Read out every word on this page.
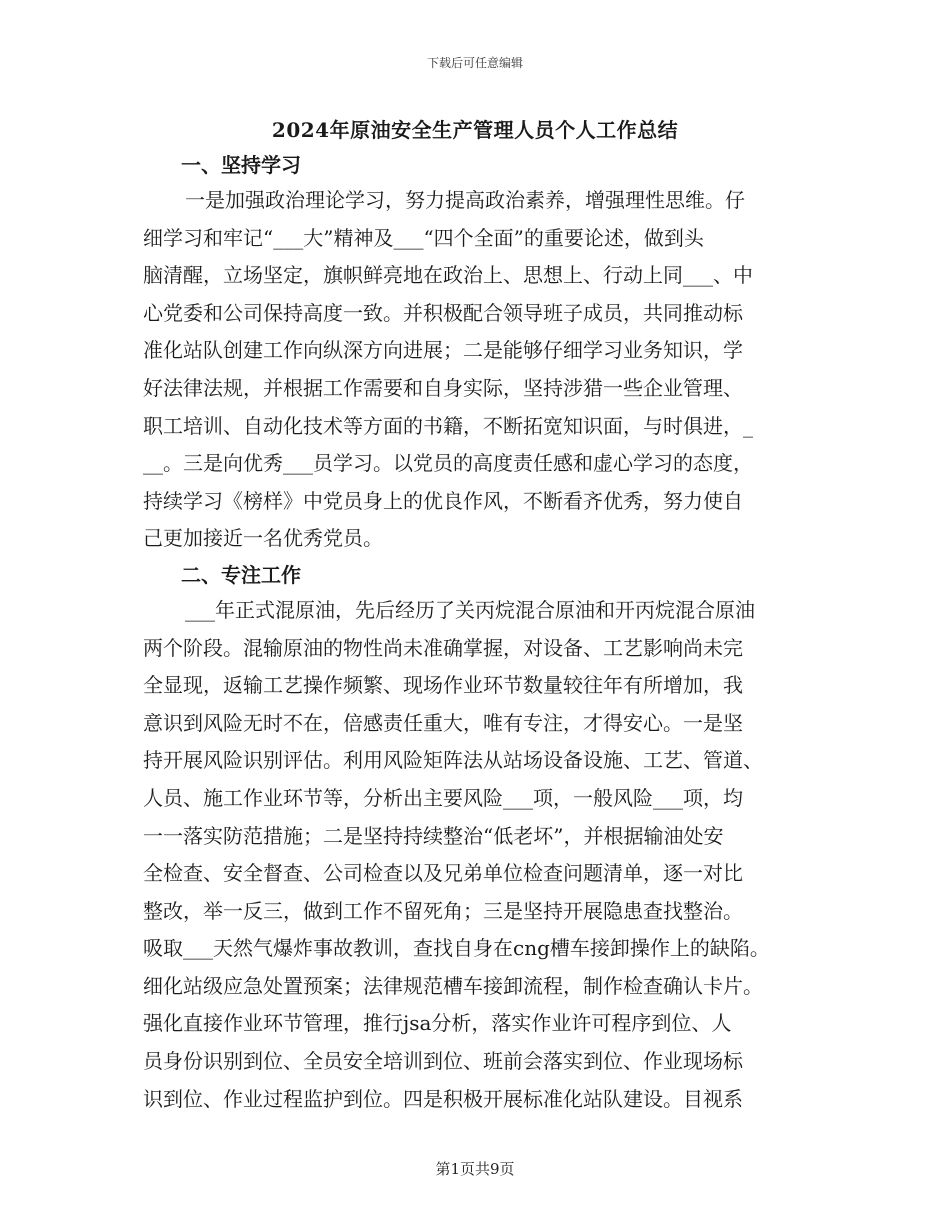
下载后可任意编辑
2024年原油安全生产管理人员个人工作总结
一、坚持学习
一是加强政治理论学习，努力提高政治素养，增强理性思维。仔
细学习和牢记“___大”精神及___“四个全面”的重要论述，做到头
脑清醒，立场坚定，旗帜鲜亮地在政治上、思想上、行动上同___、中
心党委和公司保持高度一致。并积极配合领导班子成员，共同推动标
准化站队创建工作向纵深方向进展；二是能够仔细学习业务知识，学
好法律法规，并根据工作需要和自身实际，坚持涉猎一些企业管理、
职工培训、自动化技术等方面的书籍，不断拓宽知识面，与时俱进，_
__。三是向优秀___员学习。以党员的高度责任感和虚心学习的态度，
持续学习《榜样》中党员身上的优良作风，不断看齐优秀，努力使自
己更加接近一名优秀党员。
二、专注工作
___年正式混原油，先后经历了关丙烷混合原油和开丙烷混合原油
两个阶段。混输原油的物性尚未准确掌握，对设备、工艺影响尚未完
全显现，返输工艺操作频繁、现场作业环节数量较往年有所增加，我
意识到风险无时不在，倍感责任重大，唯有专注，才得安心。一是坚
持开展风险识别评估。利用风险矩阵法从站场设备设施、工艺、管道、
人员、施工作业环节等，分析出主要风险___项，一般风险___项，均
一一落实防范措施；二是坚持持续整治“低老坏”，并根据输油处安
全检查、安全督查、公司检查以及兄弟单位检查问题清单，逐一对比
整改，举一反三，做到工作不留死角；三是坚持开展隐患查找整治。
吸取___天然气爆炸事故教训，查找自身在cng槽车接卸操作上的缺陷。
细化站级应急处置预案；法律规范槽车接卸流程，制作检查确认卡片。
强化直接作业环节管理，推行jsa分析，落实作业许可程序到位、人
员身份识别到位、全员安全培训到位、班前会落实到位、作业现场标
识到位、作业过程监护到位。四是积极开展标准化站队建设。目视系
第1页共9页
